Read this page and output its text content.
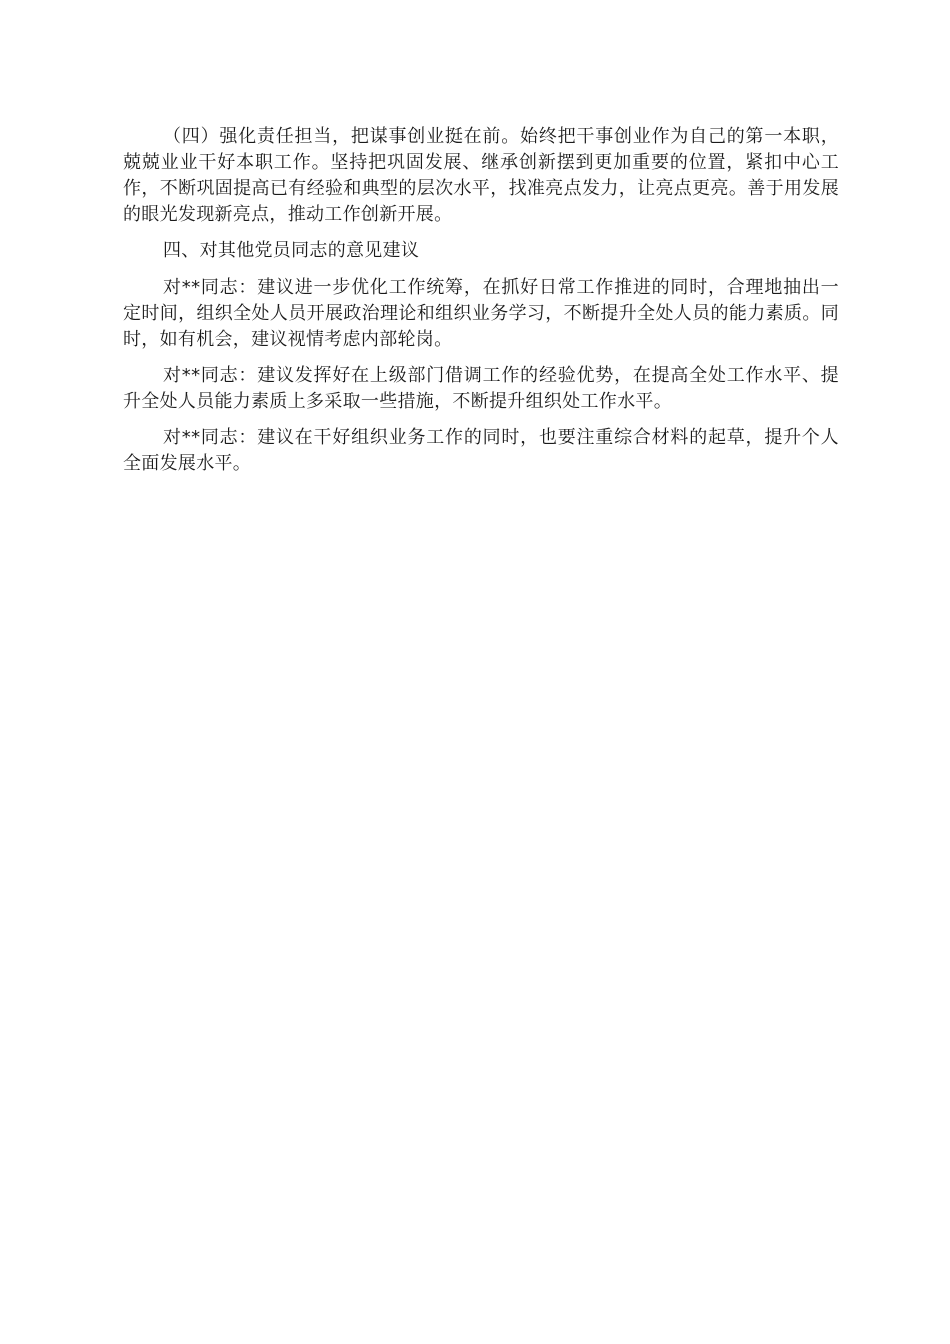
（四）强化责任担当，把谋事创业挺在前。始终把干事创业作为自己的第一本职，兢兢业业干好本职工作。坚持把巩固发展、继承创新摆到更加重要的位置，紧扣中心工作，不断巩固提高已有经验和典型的层次水平，找准亮点发力，让亮点更亮。善于用发展的眼光发现新亮点，推动工作创新开展。

四、对其他党员同志的意见建议

对**同志：建议进一步优化工作统筹，在抓好日常工作推进的同时，合理地抽出一定时间，组织全处人员开展政治理论和组织业务学习，不断提升全处人员的能力素质。同时，如有机会，建议视情考虑内部轮岗。

对**同志：建议发挥好在上级部门借调工作的经验优势，在提高全处工作水平、提升全处人员能力素质上多采取一些措施，不断提升组织处工作水平。

对**同志：建议在干好组织业务工作的同时，也要注重综合材料的起草，提升个人全面发展水平。
